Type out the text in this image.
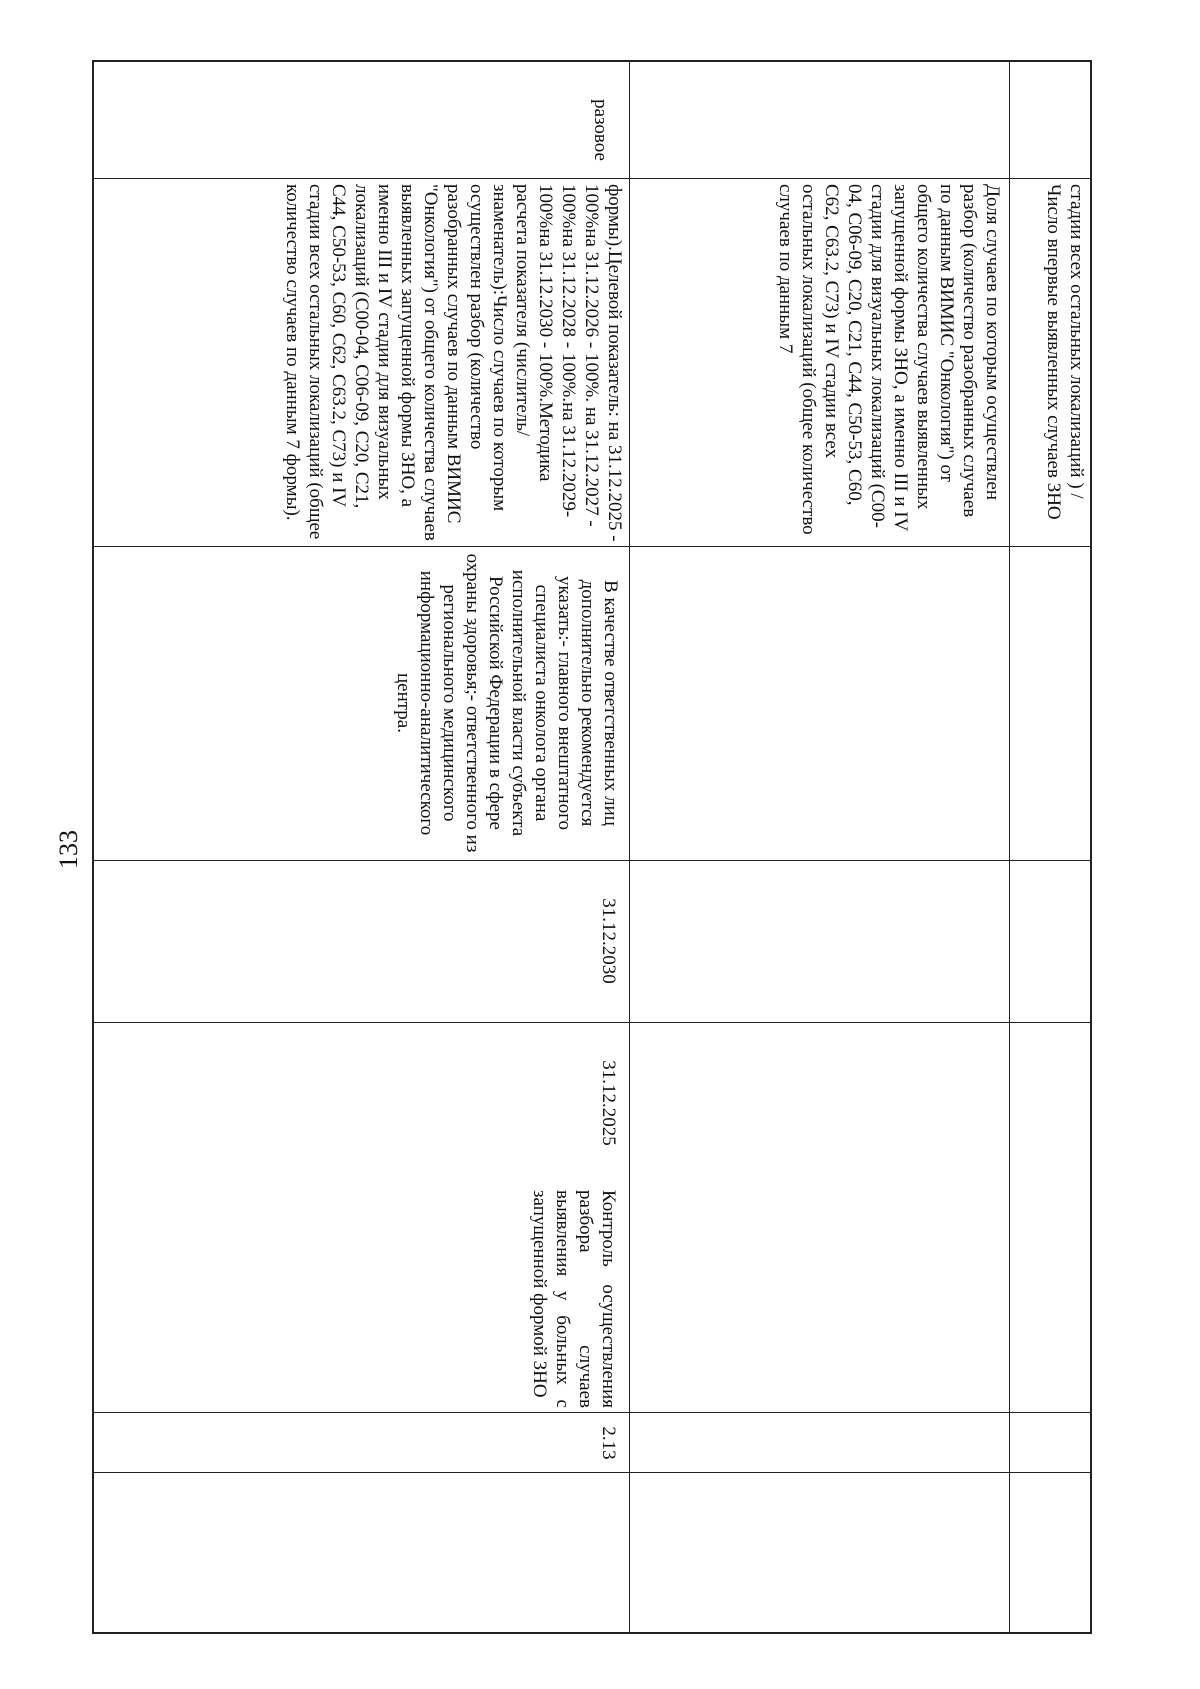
133
разовое
стадии всех остальных локализаций ) /Число впервые выявленных случаев ЗНО
Доля случаев по которым осуществлен разбор (количество разобранных случаев по данным ВИМИС "Онкология") от общего количества случаев выявленных запущенной формы ЗНО, а именно III и IV стадии для визуальных локализаций (С00-04, С06-09, С20, С21, С44, С50-53, С60, С62, С63.2, С73) и IV стадии всех остальных локализаций (общее количество случаев по данным 7
формы).Целевой показатель: на 31.12.2025 - 100%на 31.12.2026 - 100%. на 31.12.2027 - 100%на 31.12.2028 - 100%.на 31.12.2029- 100%на 31.12.2030 - 100%.Методика расчета показателя (числитель/знаменатель):Число случаев по которым осуществлен разбор (количество разобранных случаев по данным ВИМИС "Онкология") от общего количества случаев выявленных запущенной формы ЗНО, а именно III и IV стадии для визуальных локализаций (С00-04, С06-09, С20, С21, С44, С50-53, С60, С62, С63.2, С73) и IV стадии всех остальных локализаций (общее количество случаев по данным 7 формы).
В качестве ответственных лиц дополнительно рекомендуется указать:- главного внештатного специалиста онколога органа исполнительной власти субъекта Российской Федерации в сфере охраны здоровья;- ответственного из регионального медицинского информационно-аналитического центра.
31.12.2030
31.12.2025
Контроль осуществления разбора случаев выявления у больных с запущенной формой ЗНО
2.13
